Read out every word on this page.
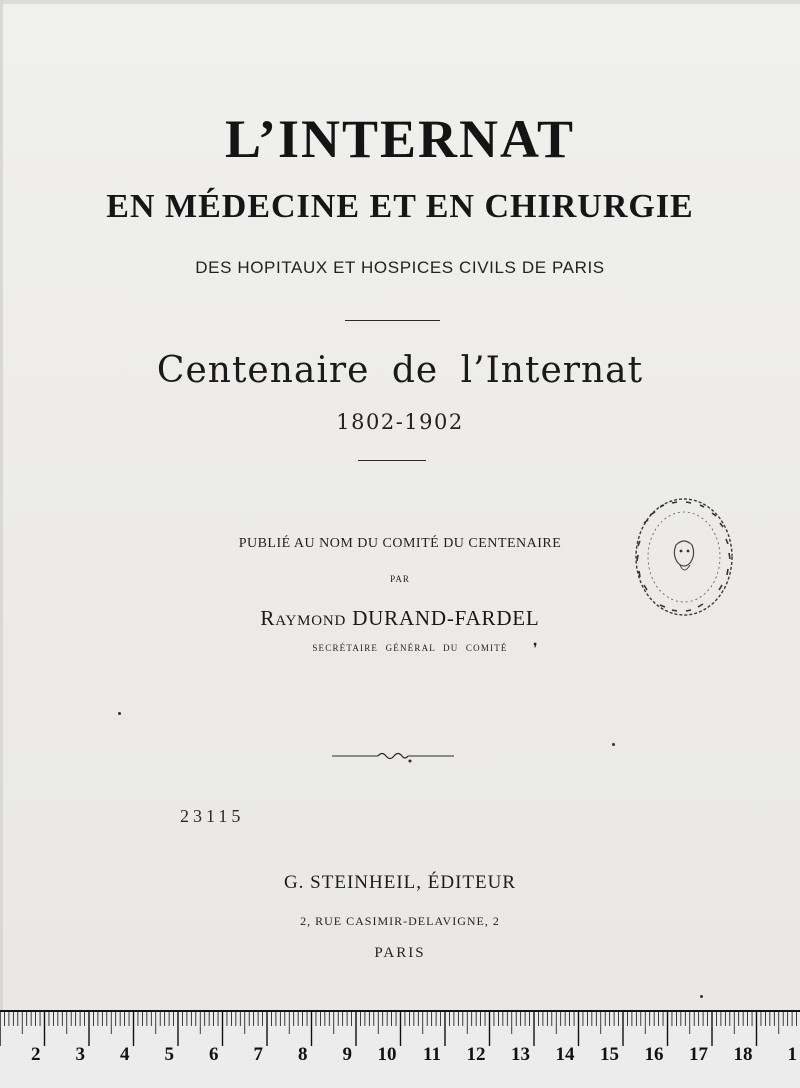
L’INTERNAT
EN MÉDECINE ET EN CHIRURGIE
DES HOPITAUX ET HOSPICES CIVILS DE PARIS
Centenaire de l’Internat
1802-1902
PUBLIÉ AU NOM DU COMITÉ DU CENTENAIRE
PAR
Raymond DURAND-FARDEL
SECRÉTAIRE GÉNÉRAL DU COMITÉ	❜
23115
G. STEINHEIL, ÉDITEUR
2, RUE CASIMIR-DELAVIGNE, 2
PARIS
2 3 4 5 6 7 8 9 10 11 12 13 14 15 16 17 18 1
